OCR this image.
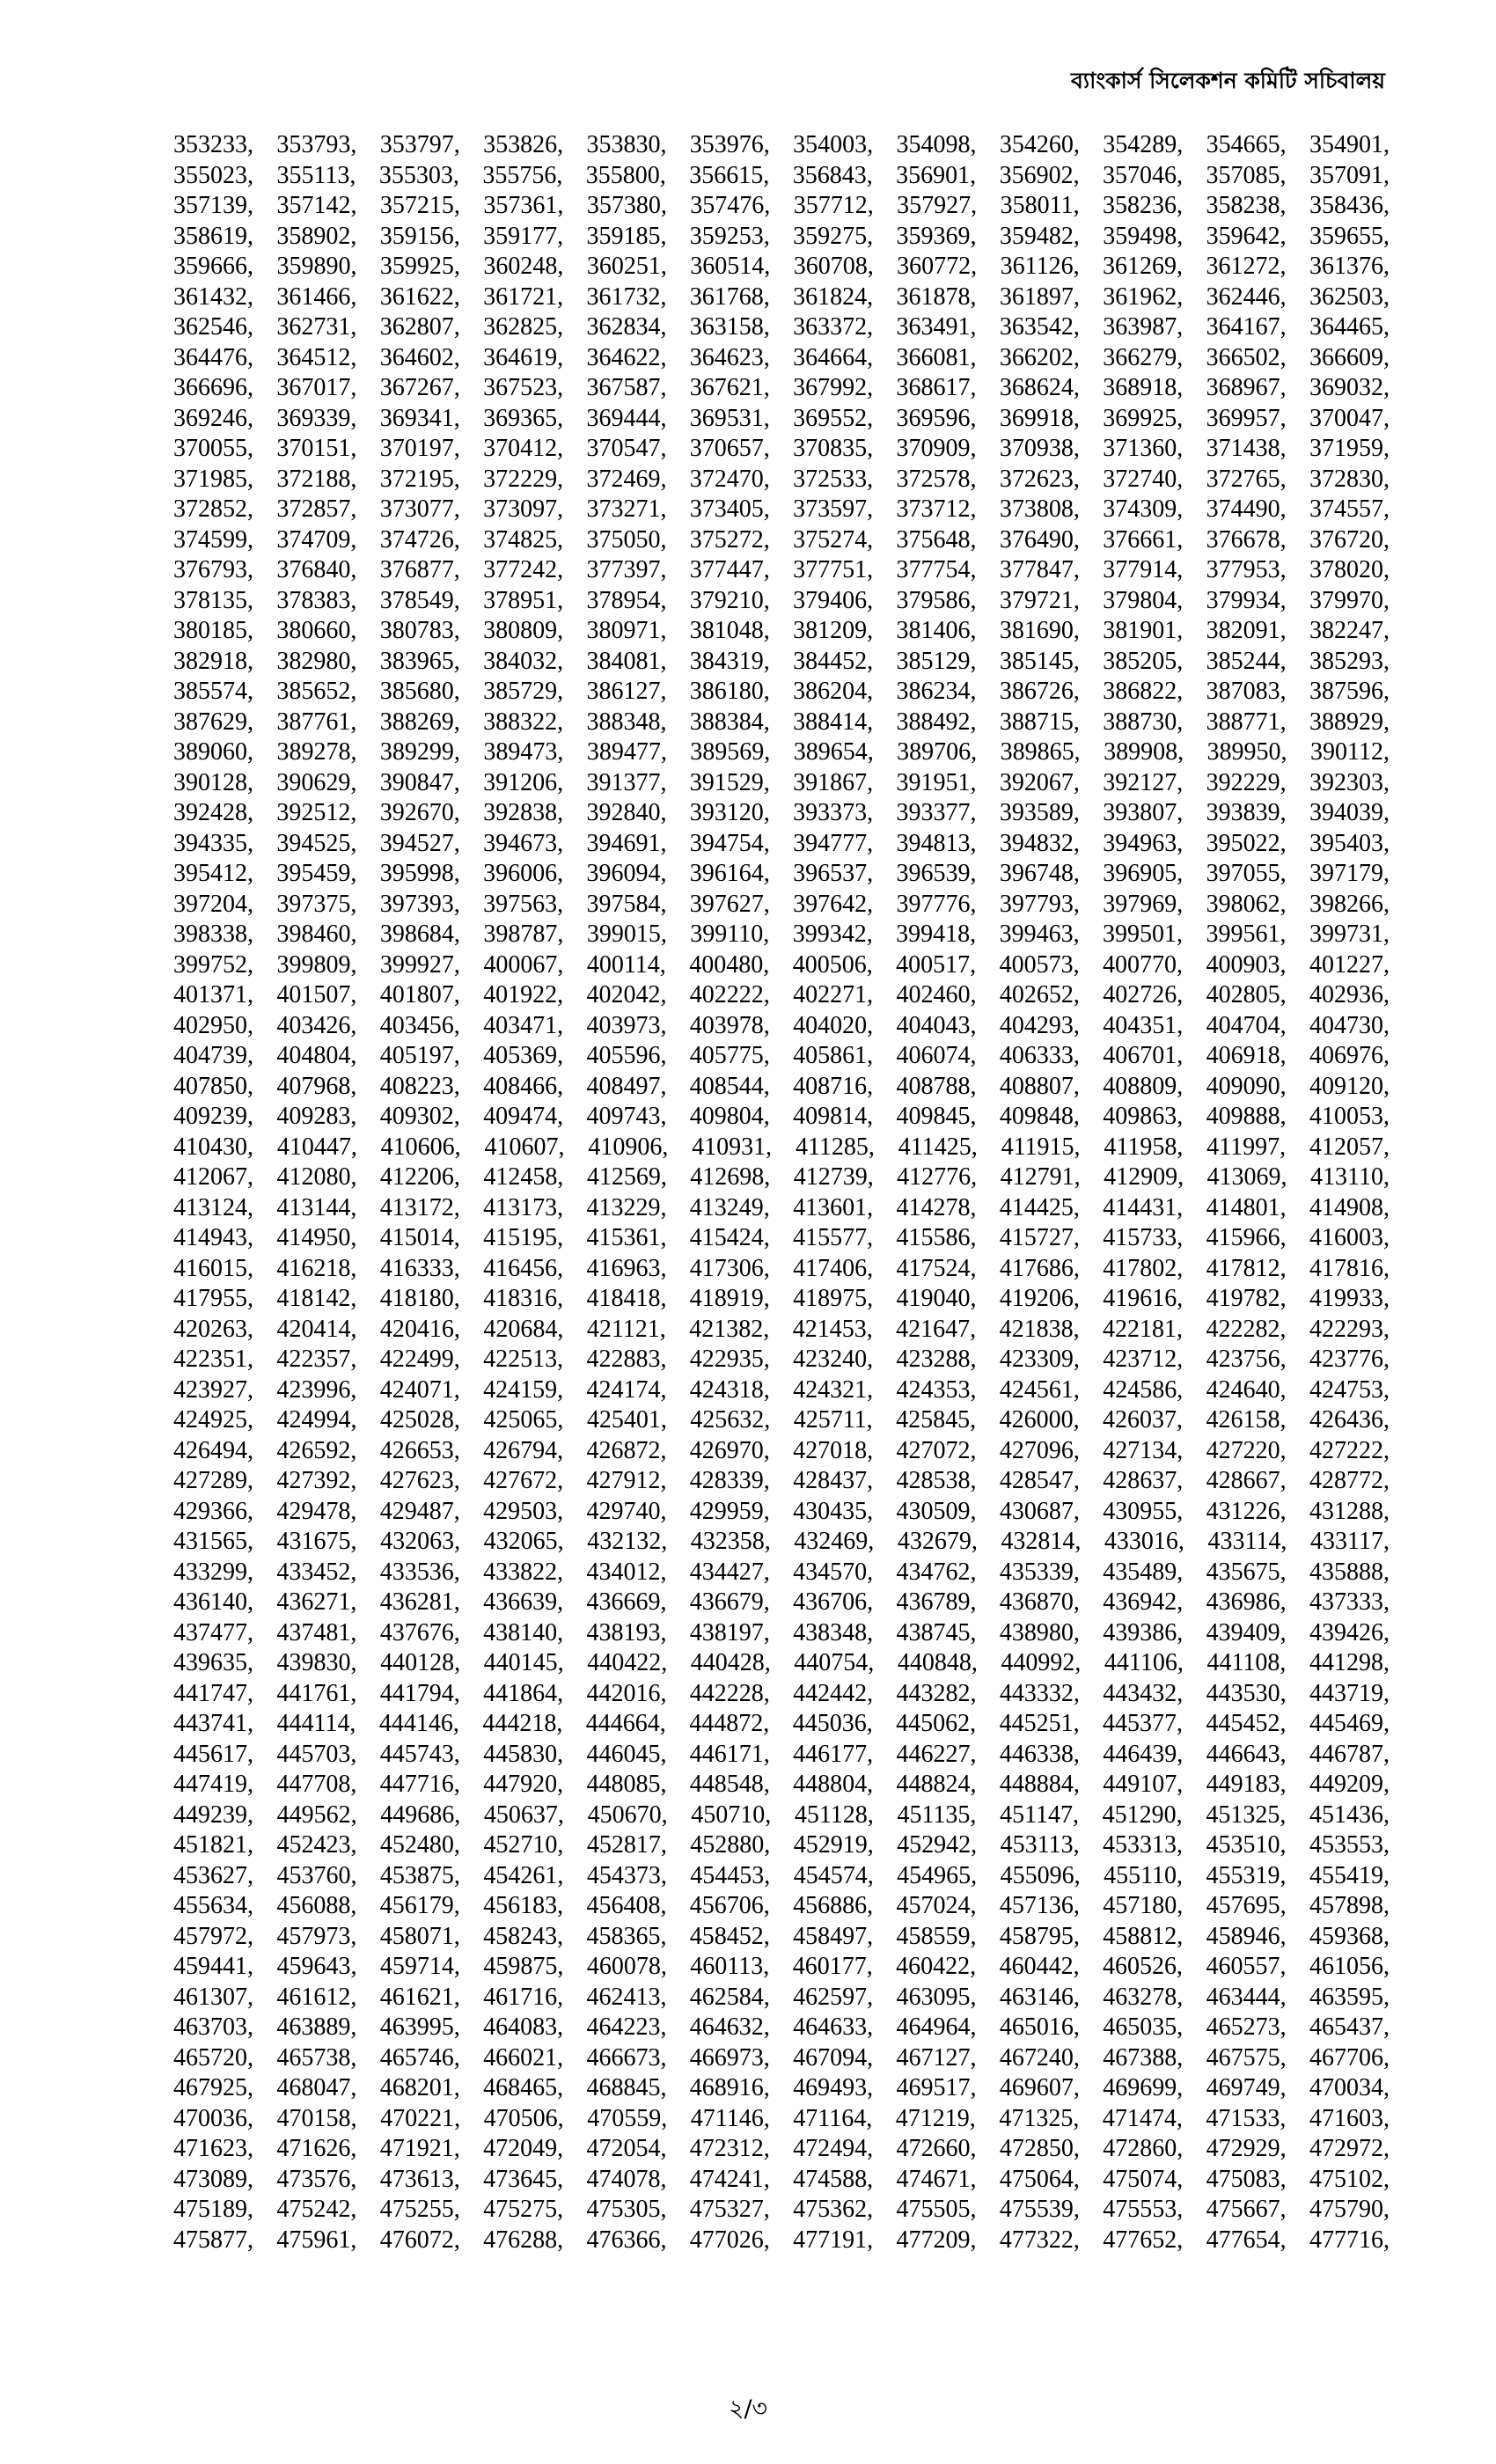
ব্যাংকার্স সিলেকশন কমিটি সচিবালয়
353233, 353793, 353797, 353826, 353830, 353976, 354003, 354098, 354260, 354289, 354665, 354901,
355023, 355113, 355303, 355756, 355800, 356615, 356843, 356901, 356902, 357046, 357085, 357091,
357139, 357142, 357215, 357361, 357380, 357476, 357712, 357927, 358011, 358236, 358238, 358436,
358619, 358902, 359156, 359177, 359185, 359253, 359275, 359369, 359482, 359498, 359642, 359655,
359666, 359890, 359925, 360248, 360251, 360514, 360708, 360772, 361126, 361269, 361272, 361376,
361432, 361466, 361622, 361721, 361732, 361768, 361824, 361878, 361897, 361962, 362446, 362503,
362546, 362731, 362807, 362825, 362834, 363158, 363372, 363491, 363542, 363987, 364167, 364465,
364476, 364512, 364602, 364619, 364622, 364623, 364664, 366081, 366202, 366279, 366502, 366609,
366696, 367017, 367267, 367523, 367587, 367621, 367992, 368617, 368624, 368918, 368967, 369032,
369246, 369339, 369341, 369365, 369444, 369531, 369552, 369596, 369918, 369925, 369957, 370047,
370055, 370151, 370197, 370412, 370547, 370657, 370835, 370909, 370938, 371360, 371438, 371959,
371985, 372188, 372195, 372229, 372469, 372470, 372533, 372578, 372623, 372740, 372765, 372830,
372852, 372857, 373077, 373097, 373271, 373405, 373597, 373712, 373808, 374309, 374490, 374557,
374599, 374709, 374726, 374825, 375050, 375272, 375274, 375648, 376490, 376661, 376678, 376720,
376793, 376840, 376877, 377242, 377397, 377447, 377751, 377754, 377847, 377914, 377953, 378020,
378135, 378383, 378549, 378951, 378954, 379210, 379406, 379586, 379721, 379804, 379934, 379970,
380185, 380660, 380783, 380809, 380971, 381048, 381209, 381406, 381690, 381901, 382091, 382247,
382918, 382980, 383965, 384032, 384081, 384319, 384452, 385129, 385145, 385205, 385244, 385293,
385574, 385652, 385680, 385729, 386127, 386180, 386204, 386234, 386726, 386822, 387083, 387596,
387629, 387761, 388269, 388322, 388348, 388384, 388414, 388492, 388715, 388730, 388771, 388929,
389060, 389278, 389299, 389473, 389477, 389569, 389654, 389706, 389865, 389908, 389950, 390112,
390128, 390629, 390847, 391206, 391377, 391529, 391867, 391951, 392067, 392127, 392229, 392303,
392428, 392512, 392670, 392838, 392840, 393120, 393373, 393377, 393589, 393807, 393839, 394039,
394335, 394525, 394527, 394673, 394691, 394754, 394777, 394813, 394832, 394963, 395022, 395403,
395412, 395459, 395998, 396006, 396094, 396164, 396537, 396539, 396748, 396905, 397055, 397179,
397204, 397375, 397393, 397563, 397584, 397627, 397642, 397776, 397793, 397969, 398062, 398266,
398338, 398460, 398684, 398787, 399015, 399110, 399342, 399418, 399463, 399501, 399561, 399731,
399752, 399809, 399927, 400067, 400114, 400480, 400506, 400517, 400573, 400770, 400903, 401227,
401371, 401507, 401807, 401922, 402042, 402222, 402271, 402460, 402652, 402726, 402805, 402936,
402950, 403426, 403456, 403471, 403973, 403978, 404020, 404043, 404293, 404351, 404704, 404730,
404739, 404804, 405197, 405369, 405596, 405775, 405861, 406074, 406333, 406701, 406918, 406976,
407850, 407968, 408223, 408466, 408497, 408544, 408716, 408788, 408807, 408809, 409090, 409120,
409239, 409283, 409302, 409474, 409743, 409804, 409814, 409845, 409848, 409863, 409888, 410053,
410430, 410447, 410606, 410607, 410906, 410931, 411285, 411425, 411915, 411958, 411997, 412057,
412067, 412080, 412206, 412458, 412569, 412698, 412739, 412776, 412791, 412909, 413069, 413110,
413124, 413144, 413172, 413173, 413229, 413249, 413601, 414278, 414425, 414431, 414801, 414908,
414943, 414950, 415014, 415195, 415361, 415424, 415577, 415586, 415727, 415733, 415966, 416003,
416015, 416218, 416333, 416456, 416963, 417306, 417406, 417524, 417686, 417802, 417812, 417816,
417955, 418142, 418180, 418316, 418418, 418919, 418975, 419040, 419206, 419616, 419782, 419933,
420263, 420414, 420416, 420684, 421121, 421382, 421453, 421647, 421838, 422181, 422282, 422293,
422351, 422357, 422499, 422513, 422883, 422935, 423240, 423288, 423309, 423712, 423756, 423776,
423927, 423996, 424071, 424159, 424174, 424318, 424321, 424353, 424561, 424586, 424640, 424753,
424925, 424994, 425028, 425065, 425401, 425632, 425711, 425845, 426000, 426037, 426158, 426436,
426494, 426592, 426653, 426794, 426872, 426970, 427018, 427072, 427096, 427134, 427220, 427222,
427289, 427392, 427623, 427672, 427912, 428339, 428437, 428538, 428547, 428637, 428667, 428772,
429366, 429478, 429487, 429503, 429740, 429959, 430435, 430509, 430687, 430955, 431226, 431288,
431565, 431675, 432063, 432065, 432132, 432358, 432469, 432679, 432814, 433016, 433114, 433117,
433299, 433452, 433536, 433822, 434012, 434427, 434570, 434762, 435339, 435489, 435675, 435888,
436140, 436271, 436281, 436639, 436669, 436679, 436706, 436789, 436870, 436942, 436986, 437333,
437477, 437481, 437676, 438140, 438193, 438197, 438348, 438745, 438980, 439386, 439409, 439426,
439635, 439830, 440128, 440145, 440422, 440428, 440754, 440848, 440992, 441106, 441108, 441298,
441747, 441761, 441794, 441864, 442016, 442228, 442442, 443282, 443332, 443432, 443530, 443719,
443741, 444114, 444146, 444218, 444664, 444872, 445036, 445062, 445251, 445377, 445452, 445469,
445617, 445703, 445743, 445830, 446045, 446171, 446177, 446227, 446338, 446439, 446643, 446787,
447419, 447708, 447716, 447920, 448085, 448548, 448804, 448824, 448884, 449107, 449183, 449209,
449239, 449562, 449686, 450637, 450670, 450710, 451128, 451135, 451147, 451290, 451325, 451436,
451821, 452423, 452480, 452710, 452817, 452880, 452919, 452942, 453113, 453313, 453510, 453553,
453627, 453760, 453875, 454261, 454373, 454453, 454574, 454965, 455096, 455110, 455319, 455419,
455634, 456088, 456179, 456183, 456408, 456706, 456886, 457024, 457136, 457180, 457695, 457898,
457972, 457973, 458071, 458243, 458365, 458452, 458497, 458559, 458795, 458812, 458946, 459368,
459441, 459643, 459714, 459875, 460078, 460113, 460177, 460422, 460442, 460526, 460557, 461056,
461307, 461612, 461621, 461716, 462413, 462584, 462597, 463095, 463146, 463278, 463444, 463595,
463703, 463889, 463995, 464083, 464223, 464632, 464633, 464964, 465016, 465035, 465273, 465437,
465720, 465738, 465746, 466021, 466673, 466973, 467094, 467127, 467240, 467388, 467575, 467706,
467925, 468047, 468201, 468465, 468845, 468916, 469493, 469517, 469607, 469699, 469749, 470034,
470036, 470158, 470221, 470506, 470559, 471146, 471164, 471219, 471325, 471474, 471533, 471603,
471623, 471626, 471921, 472049, 472054, 472312, 472494, 472660, 472850, 472860, 472929, 472972,
473089, 473576, 473613, 473645, 474078, 474241, 474588, 474671, 475064, 475074, 475083, 475102,
475189, 475242, 475255, 475275, 475305, 475327, 475362, 475505, 475539, 475553, 475667, 475790,
475877, 475961, 476072, 476288, 476366, 477026, 477191, 477209, 477322, 477652, 477654, 477716,
২/৩
